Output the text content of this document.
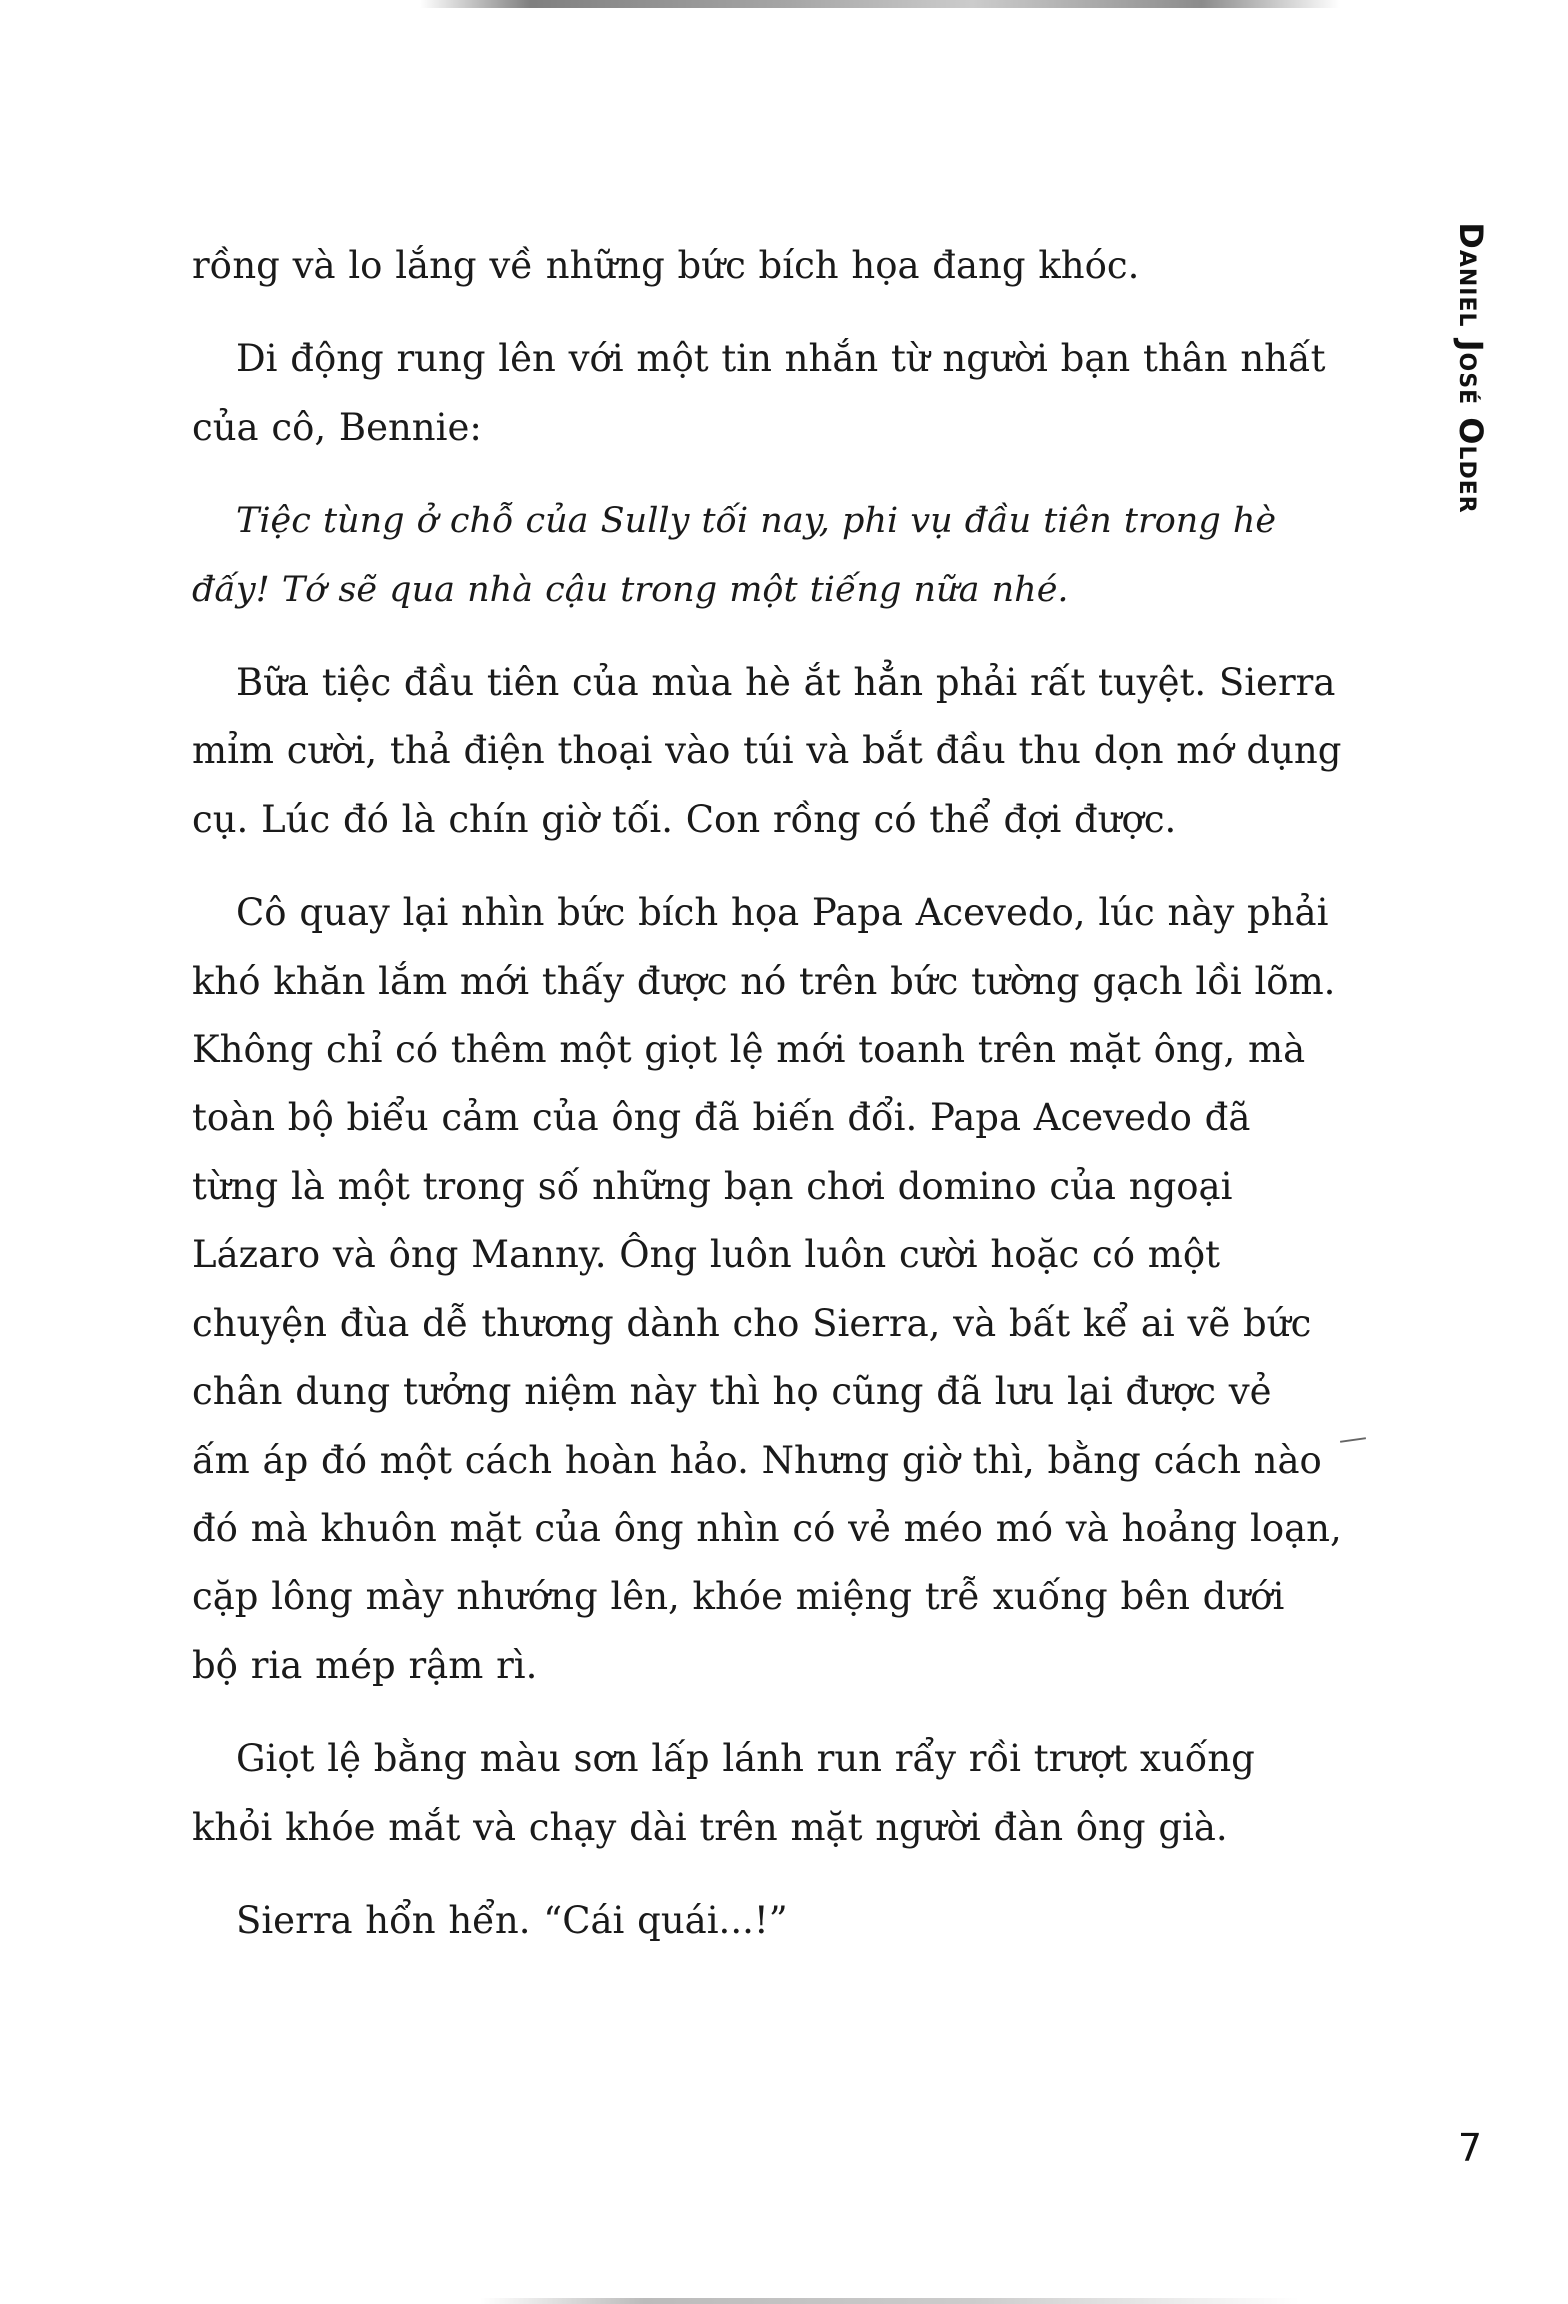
Daniel José Older

rồng và lo lắng về những bức bích họa đang khóc.

Di động rung lên với một tin nhắn từ người bạn thân nhất của cô, Bennie:

Tiệc tùng ở chỗ của Sully tối nay, phi vụ đầu tiên trong hè đấy! Tớ sẽ qua nhà cậu trong một tiếng nữa nhé.

Bữa tiệc đầu tiên của mùa hè ắt hẳn phải rất tuyệt. Sierra mỉm cười, thả điện thoại vào túi và bắt đầu thu dọn mớ dụng cụ. Lúc đó là chín giờ tối. Con rồng có thể đợi được.

Cô quay lại nhìn bức bích họa Papa Acevedo, lúc này phải khó khăn lắm mới thấy được nó trên bức tường gạch lồi lõm. Không chỉ có thêm một giọt lệ mới toanh trên mặt ông, mà toàn bộ biểu cảm của ông đã biến đổi. Papa Acevedo đã từng là một trong số những bạn chơi domino của ngoại Lázaro và ông Manny. Ông luôn luôn cười hoặc có một chuyện đùa dễ thương dành cho Sierra, và bất kể ai vẽ bức chân dung tưởng niệm này thì họ cũng đã lưu lại được vẻ ấm áp đó một cách hoàn hảo. Nhưng giờ thì, bằng cách nào đó mà khuôn mặt của ông nhìn có vẻ méo mó và hoảng loạn, cặp lông mày nhướng lên, khóe miệng trễ xuống bên dưới bộ ria mép rậm rì.

Giọt lệ bằng màu sơn lấp lánh run rẩy rồi trượt xuống khỏi khóe mắt và chạy dài trên mặt người đàn ông già.

Sierra hổn hển. “Cái quái...!”

7
